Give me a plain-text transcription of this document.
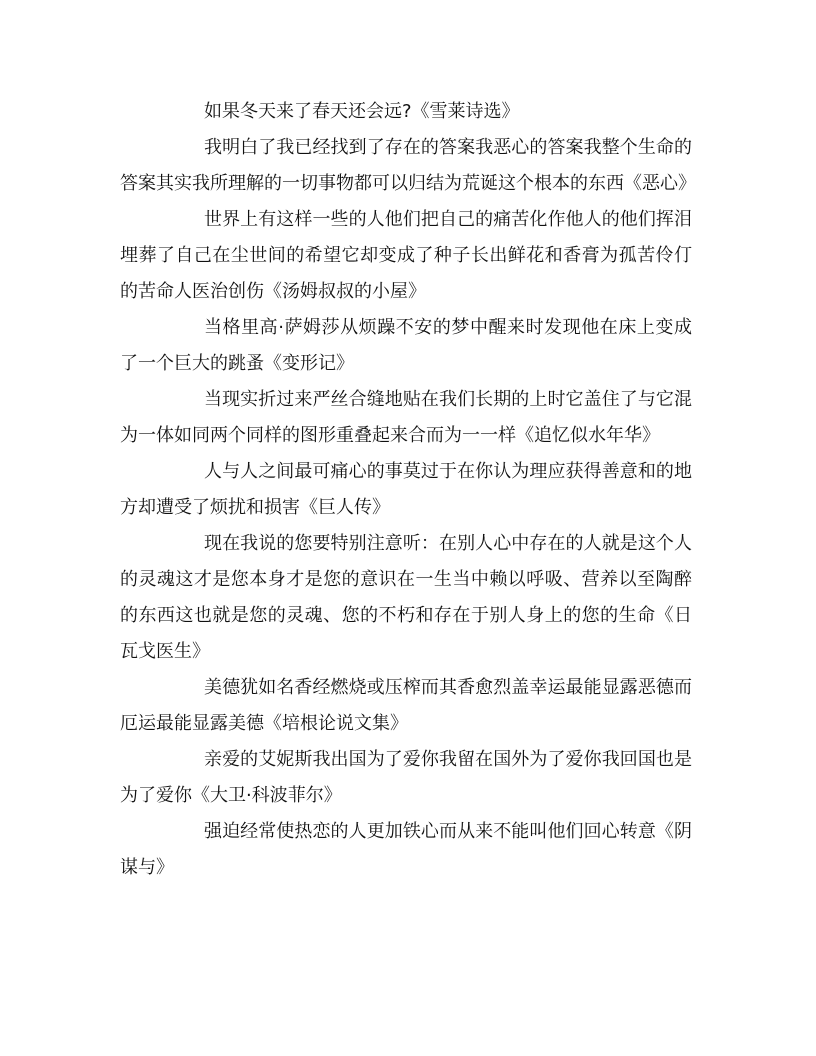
如果冬天来了春天还会远?《雪莱诗选》

我明白了我已经找到了存在的答案我恶心的答案我整个生命的答案其实我所理解的一切事物都可以归结为荒诞这个根本的东西《恶心》

世界上有这样一些的人他们把自己的痛苦化作他人的他们挥泪埋葬了自己在尘世间的希望它却变成了种子长出鲜花和香膏为孤苦伶仃的苦命人医治创伤《汤姆叔叔的小屋》

当格里高·萨姆莎从烦躁不安的梦中醒来时发现他在床上变成了一个巨大的跳蚤《变形记》

当现实折过来严丝合缝地贴在我们长期的上时它盖住了与它混为一体如同两个同样的图形重叠起来合而为一一样《追忆似水年华》

人与人之间最可痛心的事莫过于在你认为理应获得善意和的地方却遭受了烦扰和损害《巨人传》

现在我说的您要特别注意听：在别人心中存在的人就是这个人的灵魂这才是您本身才是您的意识在一生当中赖以呼吸、营养以至陶醉的东西这也就是您的灵魂、您的不朽和存在于别人身上的您的生命《日瓦戈医生》

美德犹如名香经燃烧或压榨而其香愈烈盖幸运最能显露恶德而厄运最能显露美德《培根论说文集》

亲爱的艾妮斯我出国为了爱你我留在国外为了爱你我回国也是为了爱你《大卫·科波菲尔》

强迫经常使热恋的人更加铁心而从来不能叫他们回心转意《阴谋与》
